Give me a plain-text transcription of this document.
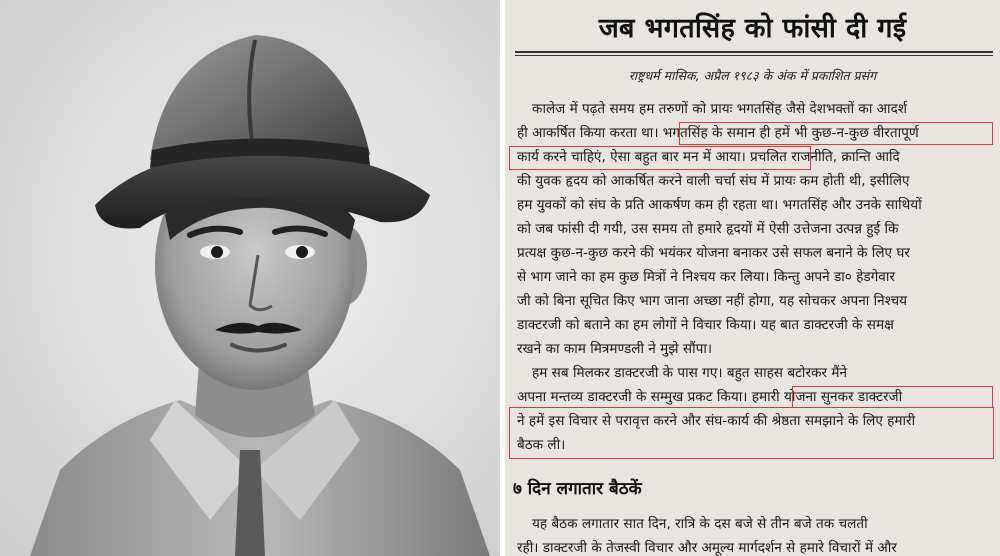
जब भगतसिंह को फांसी दी गई
राष्ट्रधर्म मासिक, अप्रैल १९८३ के अंक में प्रकाशित प्रसंग
कालेज में पढ़ते समय हम तरुणों को प्रायः भगतसिंह जैसे देशभक्तों का आदर्श
ही आकर्षित किया करता था। भगतसिंह के समान ही हमें भी कुछ-न-कुछ वीरतापूर्ण
कार्य करने चाहिएं, ऐसा बहुत बार मन में आया। प्रचलित राजनीति, क्रान्ति आदि
की युवक हृदय को आकर्षित करने वाली चर्चा संघ में प्रायः कम होती थी, इसीलिए
हम युवकों को संघ के प्रति आकर्षण कम ही रहता था। भगतसिंह और उनके साथियों
को जब फांसी दी गयी, उस समय तो हमारे हृदयों में ऐसी उत्तेजना उत्पन्न हुई कि
प्रत्यक्ष कुछ-न-कुछ करने की भयंकर योजना बनाकर उसे सफल बनाने के लिए घर
से भाग जाने का हम कुछ मित्रों ने निश्चय कर लिया। किन्तु अपने डा० हेडगेवार
जी को बिना सूचित किए भाग जाना अच्छा नहीं होगा, यह सोचकर अपना निश्चय
डाक्टरजी को बताने का हम लोगों ने विचार किया। यह बात डाक्टरजी के समक्ष
रखने का काम मित्रमण्डली ने मुझे सौंपा।
हम सब मिलकर डाक्टरजी के पास गए। बहुत साहस बटोरकर मैंने
अपना मन्तव्य डाक्टरजी के सम्मुख प्रकट किया। हमारी योजना सुनकर डाक्टरजी
ने हमें इस विचार से परावृत्त करने और संघ-कार्य की श्रेष्ठता समझाने के लिए हमारी
बैठक ली।
७ दिन लगातार बैठकें
यह बैठक लगातार सात दिन, रात्रि के दस बजे से तीन बजे तक चलती
रही। डाक्टरजी के तेजस्वी विचार और अमूल्य मार्गदर्शन से हमारे विचारों में और
